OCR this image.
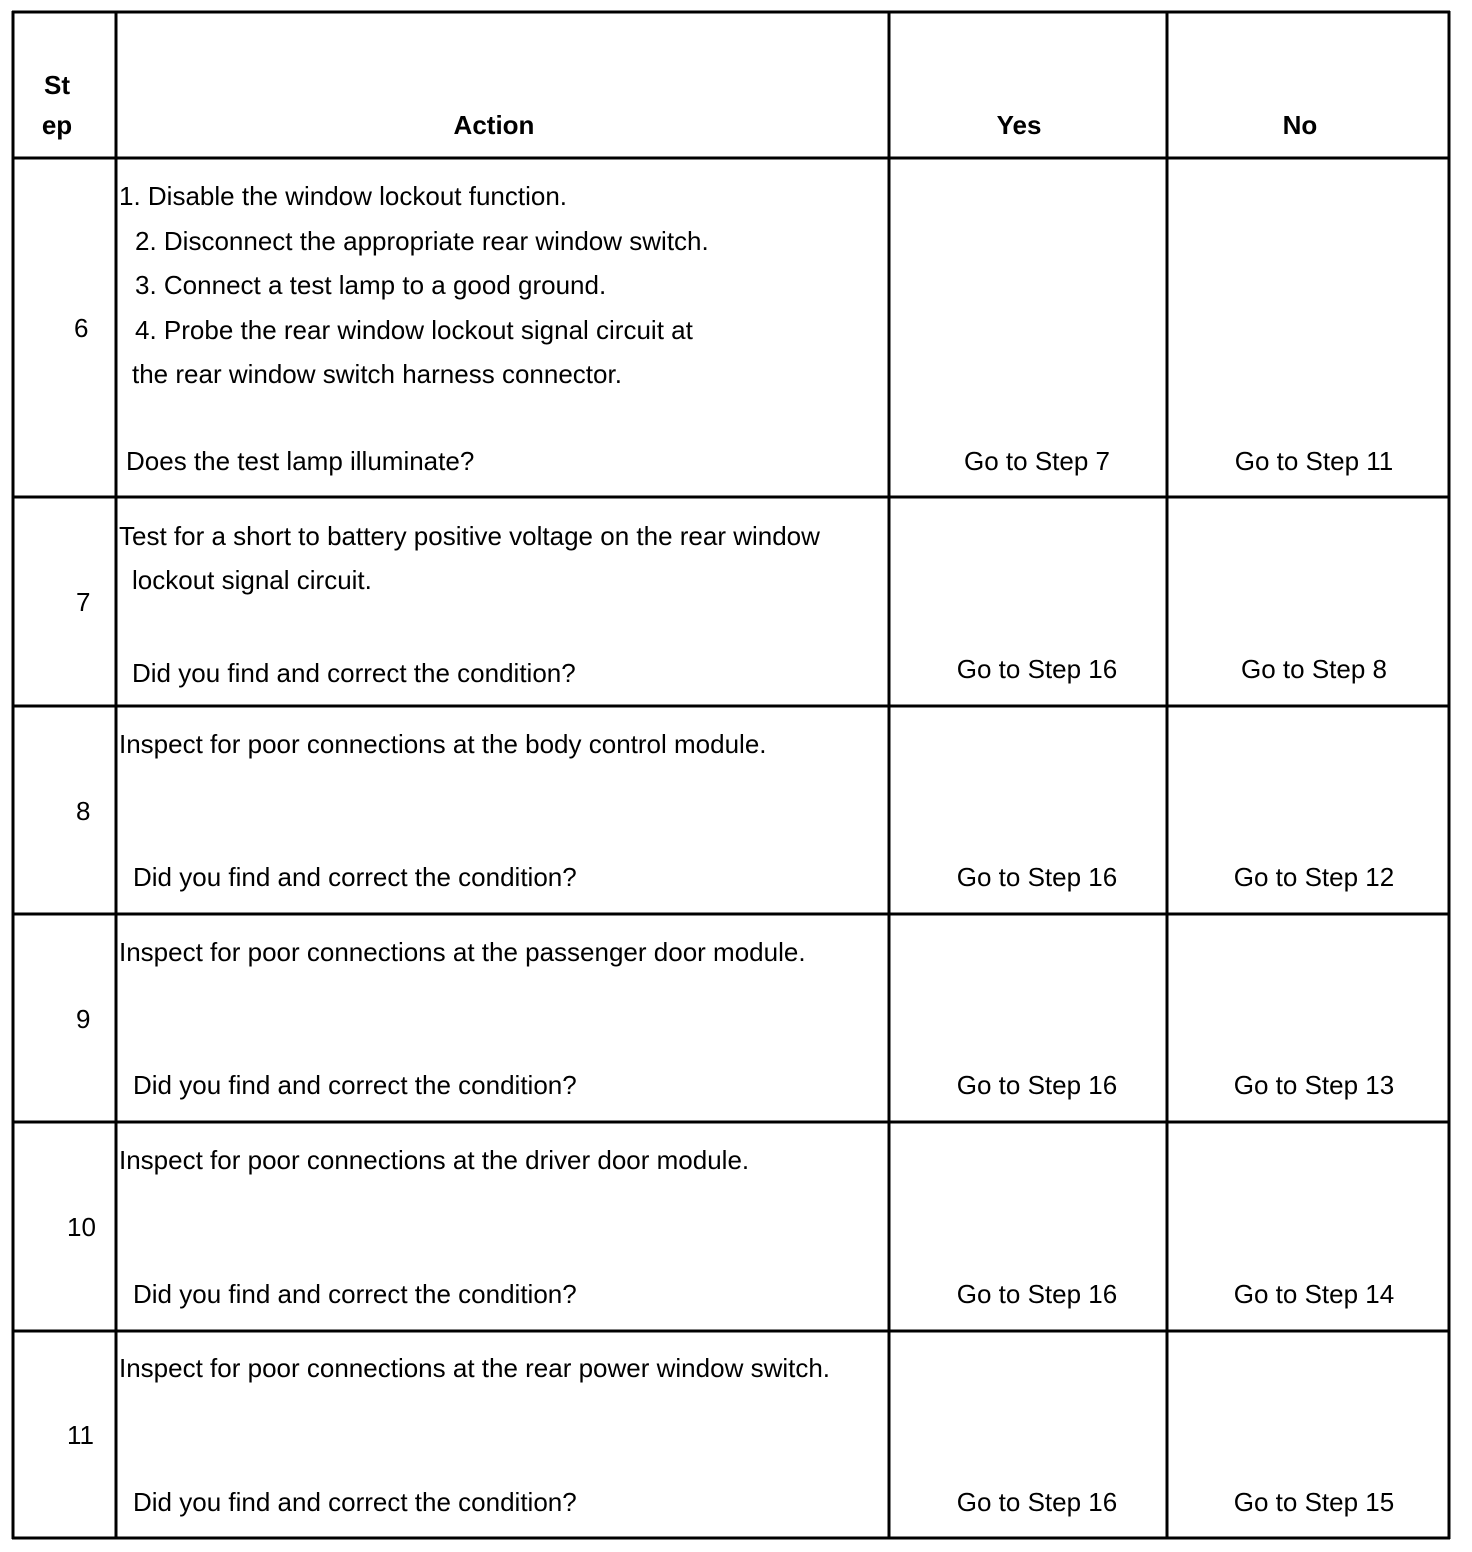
St
ep	Action	Yes	No
6
1. Disable the window lockout function.
2. Disconnect the appropriate rear window switch.
3. Connect a test lamp to a good ground.
4. Probe the rear window lockout signal circuit at
the rear window switch harness connector.
Does the test lamp illuminate?	Go to Step 7	Go to Step 11
7
Test for a short to battery positive voltage on the rear window
lockout signal circuit.
Did you find and correct the condition?	Go to Step 16	Go to Step 8
8
Inspect for poor connections at the body control module.
Did you find and correct the condition?	Go to Step 16	Go to Step 12
9
Inspect for poor connections at the passenger door module.
Did you find and correct the condition?	Go to Step 16	Go to Step 13
10
Inspect for poor connections at the driver door module.
Did you find and correct the condition?	Go to Step 16	Go to Step 14
11
Inspect for poor connections at the rear power window switch.
Did you find and correct the condition?	Go to Step 16	Go to Step 15
